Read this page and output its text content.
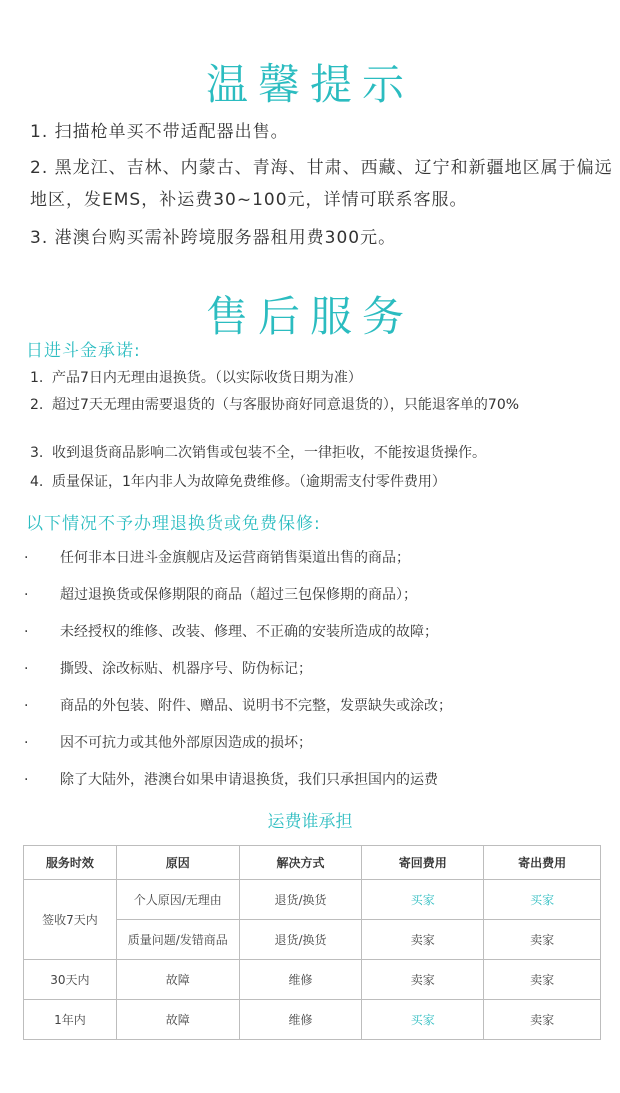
温馨提示
1. 扫描枪单买不带适配器出售。
2. 黑龙江、吉林、内蒙古、青海、甘肃、西藏、辽宁和新疆地区属于偏远地区，发EMS，补运费30~100元，详情可联系客服。
3. 港澳台购买需补跨境服务器租用费300元。
售后服务
日进斗金承诺:
1. 产品7日内无理由退换货。（以实际收货日期为准）
2. 超过7天无理由需要退货的（与客服协商好同意退货的），只能退客单的70%
3. 收到退货商品影响二次销售或包装不全，一律拒收，不能按退货操作。
4. 质量保证，1年内非人为故障免费维修。（逾期需支付零件费用）
以下情况不予办理退换货或免费保修:
· 任何非本日进斗金旗舰店及运营商销售渠道出售的商品；
· 超过退换货或保修期限的商品（超过三包保修期的商品）；
· 未经授权的维修、改装、修理、不正确的安装所造成的故障；
· 撕毁、涂改标贴、机器序号、防伪标记；
· 商品的外包装、附件、赠品、说明书不完整，发票缺失或涂改；
· 因不可抗力或其他外部原因造成的损坏；
· 除了大陆外，港澳台如果申请退换货，我们只承担国内的运费
运费谁承担
服务时效	原因	解决方式	寄回费用	寄出费用
签收7天内	个人原因/无理由	退货/换货	买家	买家
	质量问题/发错商品	退货/换货	卖家	卖家
30天内	故障	维修	卖家	卖家
1年内	故障	维修	买家	卖家
